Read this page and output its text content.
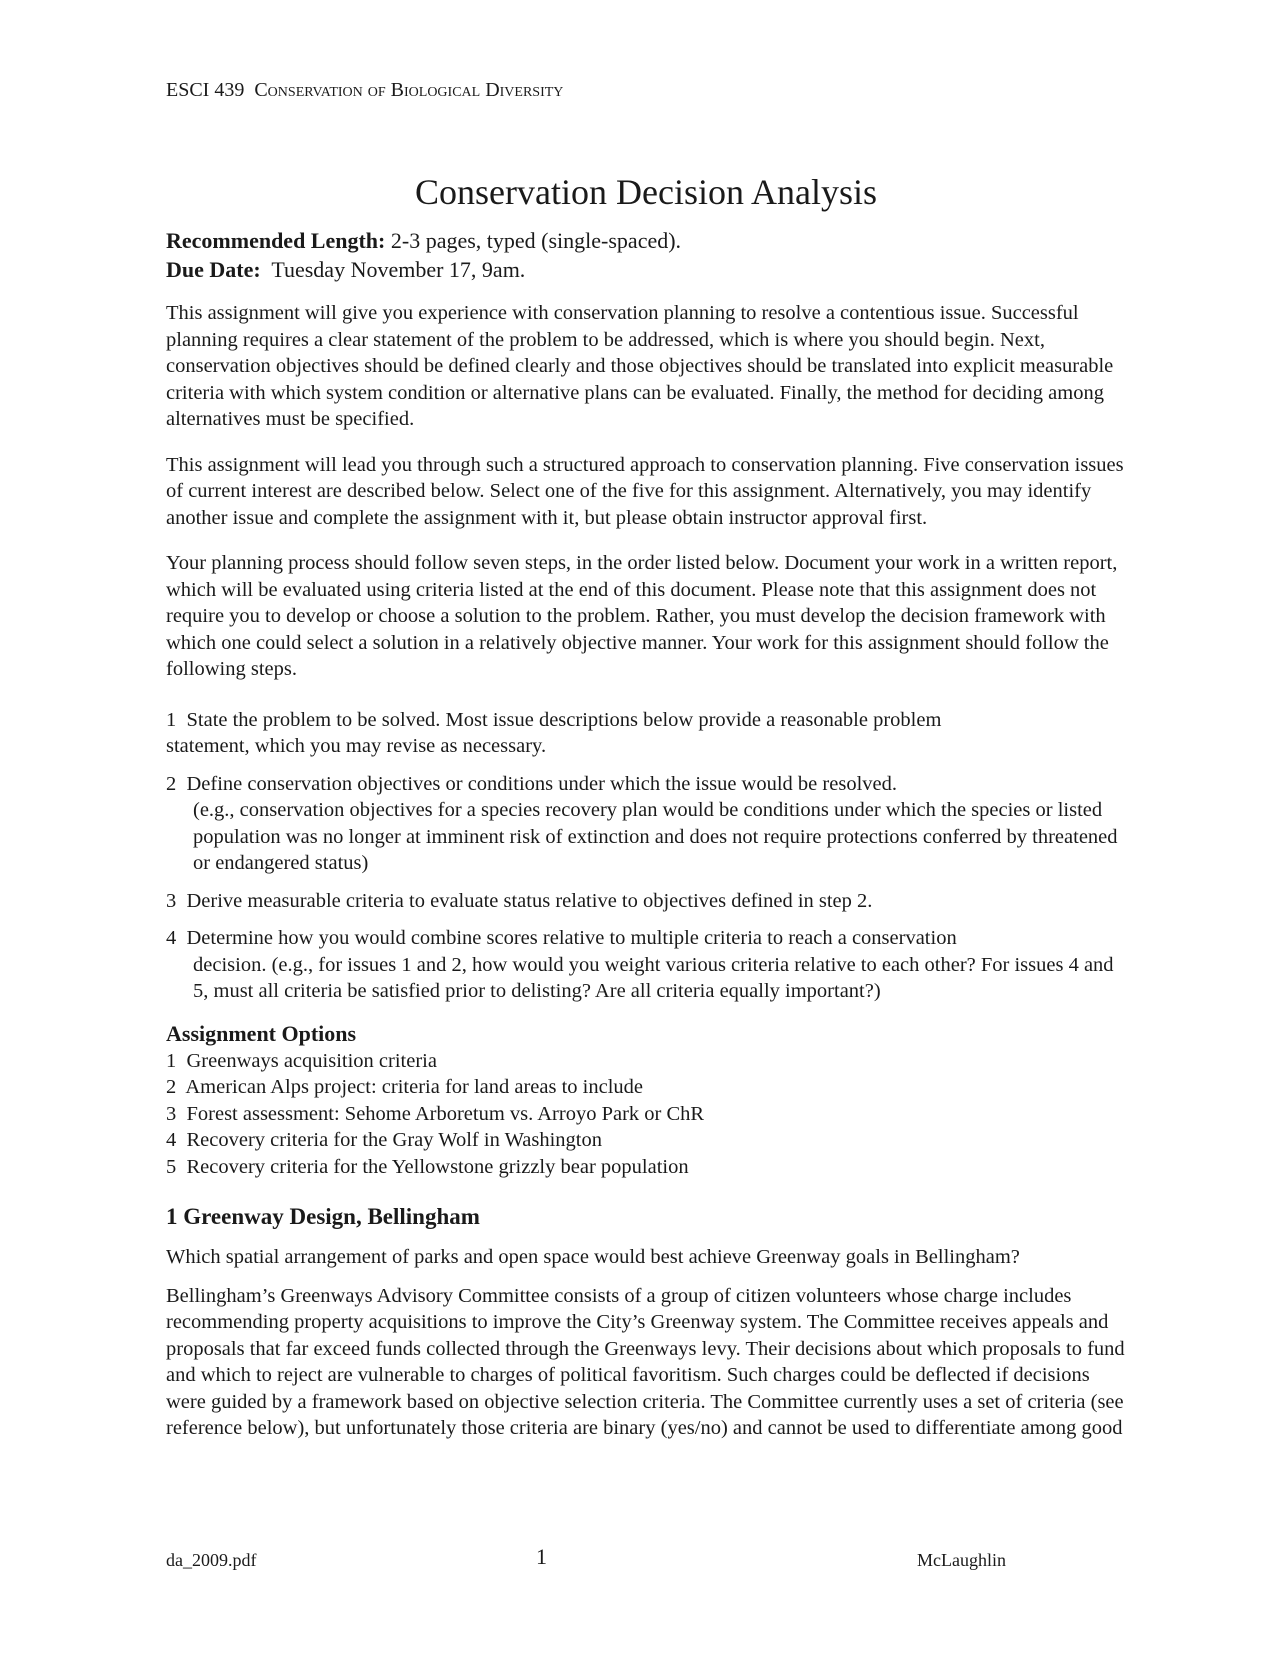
ESCI 439 Conservation of Biological Diversity

Conservation Decision Analysis
Recommended Length: 2-3 pages, typed (single-spaced).
Due Date: Tuesday November 17, 9am.

This assignment will give you experience with conservation planning to resolve a contentious issue. Successful planning requires a clear statement of the problem to be addressed, which is where you should begin. Next, conservation objectives should be defined clearly and those objectives should be translated into explicit measurable criteria with which system condition or alternative plans can be evaluated. Finally, the method for deciding among alternatives must be specified.

This assignment will lead you through such a structured approach to conservation planning. Five conservation issues of current interest are described below. Select one of the five for this assignment. Alternatively, you may identify another issue and complete the assignment with it, but please obtain instructor approval first.

Your planning process should follow seven steps, in the order listed below. Document your work in a written report, which will be evaluated using criteria listed at the end of this document. Please note that this assignment does not require you to develop or choose a solution to the problem. Rather, you must develop the decision framework with which one could select a solution in a relatively objective manner. Your work for this assignment should follow the following steps.

1 State the problem to be solved. Most issue descriptions below provide a reasonable problem
statement, which you may revise as necessary.

2 Define conservation objectives or conditions under which the issue would be resolved.
(e.g., conservation objectives for a species recovery plan would be conditions under which the species or listed population was no longer at imminent risk of extinction and does not require protections conferred by threatened or endangered status)

3 Derive measurable criteria to evaluate status relative to objectives defined in step 2.

4 Determine how you would combine scores relative to multiple criteria to reach a conservation
decision. (e.g., for issues 1 and 2, how would you weight various criteria relative to each other? For issues 4 and 5, must all criteria be satisfied prior to delisting? Are all criteria equally important?)

Assignment Options
1 Greenways acquisition criteria
2 American Alps project: criteria for land areas to include
3 Forest assessment: Sehome Arboretum vs. Arroyo Park or ChR
4 Recovery criteria for the Gray Wolf in Washington
5 Recovery criteria for the Yellowstone grizzly bear population
1 Greenway Design, Bellingham

Which spatial arrangement of parks and open space would best achieve Greenway goals in Bellingham?

Bellingham’s Greenways Advisory Committee consists of a group of citizen volunteers whose charge includes recommending property acquisitions to improve the City’s Greenway system. The Committee receives appeals and proposals that far exceed funds collected through the Greenways levy. Their decisions about which proposals to fund and which to reject are vulnerable to charges of political favoritism. Such charges could be deflected if decisions were guided by a framework based on objective selection criteria. The Committee currently uses a set of criteria (see reference below), but unfortunately those criteria are binary (yes/no) and cannot be used to differentiate among good

da_2009.pdf	1	McLaughlin
